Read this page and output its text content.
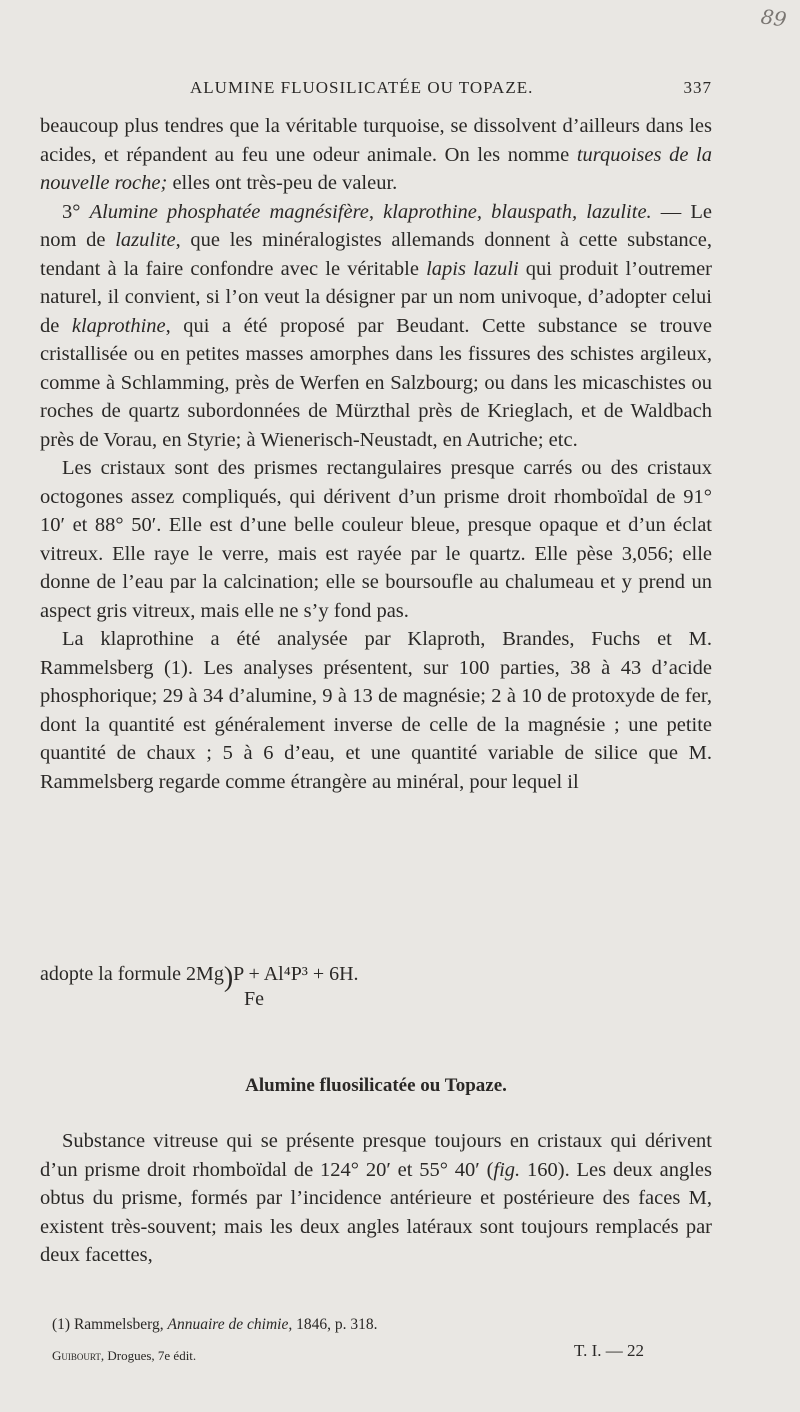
89
ALUMINE FLUOSILICATÉE OU TOPAZE.	337

beaucoup plus tendres que la véritable turquoise, se dissolvent d’ailleurs dans les acides, et répandent au feu une odeur animale. On les nomme turquoises de la nouvelle roche; elles ont très-peu de valeur.

3° Alumine phosphatée magnésifère, klaprothine, blauspath, lazulite. — Le nom de lazulite, que les minéralogistes allemands donnent à cette substance, tendant à la faire confondre avec le véritable lapis lazuli qui produit l’outremer naturel, il convient, si l’on veut la désigner par un nom univoque, d’adopter celui de klaprothine, qui a été proposé par Beudant. Cette substance se trouve cristallisée ou en petites masses amorphes dans les fissures des schistes argileux, comme à Schlamming, près de Werfen en Salzbourg; ou dans les micaschistes ou roches de quartz subordonnées de Mürzthal près de Krieglach, et de Waldbach près de Vorau, en Styrie; à Wienerisch-Neustadt, en Autriche; etc.

Les cristaux sont des prismes rectangulaires presque carrés ou des cristaux octogones assez compliqués, qui dérivent d’un prisme droit rhomboïdal de 91° 10′ et 88° 50′. Elle est d’une belle couleur bleue, presque opaque et d’un éclat vitreux. Elle raye le verre, mais est rayée par le quartz. Elle pèse 3,056; elle donne de l’eau par la calcination; elle se boursoufle au chalumeau et y prend un aspect gris vitreux, mais elle ne s’y fond pas.

La klaprothine a été analysée par Klaproth, Brandes, Fuchs et M. Rammelsberg (1). Les analyses présentent, sur 100 parties, 38 à 43 d’acide phosphorique; 29 à 34 d’alumine, 9 à 13 de magnésie; 2 à 10 de protoxyde de fer, dont la quantité est généralement inverse de celle de la magnésie ; une petite quantité de chaux ; 5 à 6 d’eau, et une quantité variable de silice que M. Rammelsberg regarde comme étrangère au minéral, pour lequel il

adopte la formule 2Mg)P + Al⁴P³ + 6H.
Fe
Alumine fluosilicatée ou Topaze.

Substance vitreuse qui se présente presque toujours en cristaux qui dérivent d’un prisme droit rhomboïdal de 124° 20′ et 55° 40′ (fig. 160). Les deux angles obtus du prisme, formés par l’incidence antérieure et postérieure des faces M, existent très-souvent; mais les deux angles latéraux sont toujours remplacés par deux facettes,

(1) Rammelsberg, Annuaire de chimie, 1846, p. 318.
Guibourt, Drogues, 7e édit.	T. I. — 22
